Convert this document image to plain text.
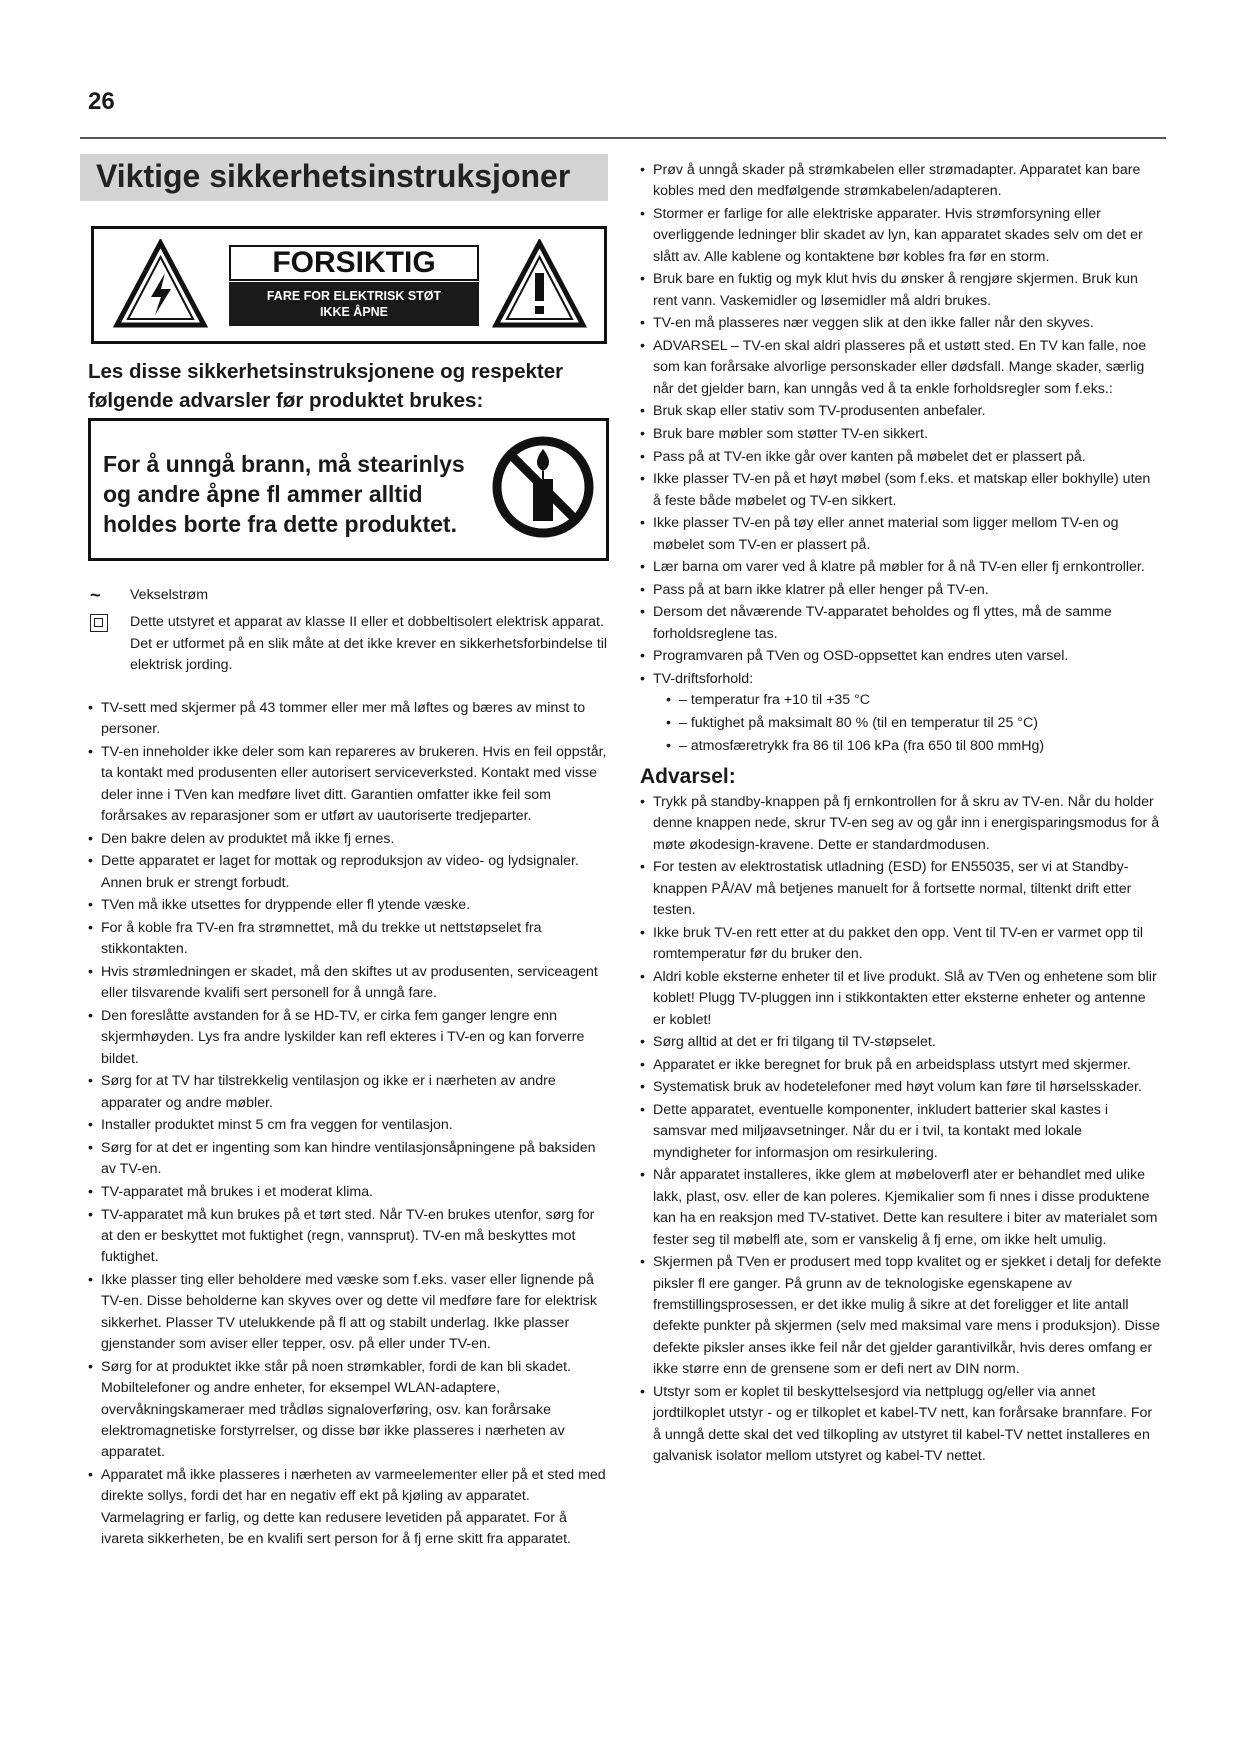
26
Viktige sikkerhetsinstruksjoner
FORSIKTIG
FARE FOR ELEKTRISK STØT
IKKE ÅPNE

Les disse sikkerhetsinstruksjonene og respekter følgende advarsler før produktet brukes:

For å unngå brann, må stearinlys og andre åpne fl ammer alltid holdes borte fra dette produktet.

~	Vekselstrøm
Dette utstyret et apparat av klasse II eller et dobbeltisolert elektrisk apparat. Det er utformet på en slik måte at det ikke krever en sikkerhetsforbindelse til elektrisk jording.
• TV-sett med skjermer på 43 tommer eller mer må løftes og bæres av minst to personer.
• TV-en inneholder ikke deler som kan repareres av brukeren. Hvis en feil oppstår, ta kontakt med produsenten eller autorisert serviceverksted. Kontakt med visse deler inne i TVen kan medføre livet ditt. Garantien omfatter ikke feil som forårsakes av reparasjoner som er utført av uautoriserte tredjeparter.
• Den bakre delen av produktet må ikke fj ernes.
• Dette apparatet er laget for mottak og reproduksjon av video- og lydsignaler. Annen bruk er strengt forbudt.
• TVen må ikke utsettes for dryppende eller fl ytende væske.
• For å koble fra TV-en fra strømnettet, må du trekke ut nettstøpselet fra stikkontakten.
• Hvis strømledningen er skadet, må den skiftes ut av produsenten, serviceagent eller tilsvarende kvalifi sert personell for å unngå fare.
• Den foreslåtte avstanden for å se HD-TV, er cirka fem ganger lengre enn skjermhøyden. Lys fra andre lyskilder kan refl ekteres i TV-en og kan forverre bildet.
• Sørg for at TV har tilstrekkelig ventilasjon og ikke er i nærheten av andre apparater og andre møbler.
• Installer produktet minst 5 cm fra veggen for ventilasjon.
• Sørg for at det er ingenting som kan hindre ventilasjonsåpningene på baksiden av TV-en.
• TV-apparatet må brukes i et moderat klima.
• TV-apparatet må kun brukes på et tørt sted. Når TV-en brukes utenfor, sørg for at den er beskyttet mot fuktighet (regn, vannsprut). TV-en må beskyttes mot fuktighet.
• Ikke plasser ting eller beholdere med væske som f.eks. vaser eller lignende på TV-en. Disse beholderne kan skyves over og dette vil medføre fare for elektrisk sikkerhet. Plasser TV utelukkende på fl att og stabilt underlag. Ikke plasser gjenstander som aviser eller tepper, osv. på eller under TV-en.
• Sørg for at produktet ikke står på noen strømkabler, fordi de kan bli skadet. Mobiltelefoner og andre enheter, for eksempel WLAN-adaptere, overvåkningskameraer med trådløs signaloverføring, osv. kan forårsake elektromagnetiske forstyrrelser, og disse bør ikke plasseres i nærheten av apparatet.
• Apparatet må ikke plasseres i nærheten av varmeelementer eller på et sted med direkte sollys, fordi det har en negativ eff ekt på kjøling av apparatet. Varmelagring er farlig, og dette kan redusere levetiden på apparatet. For å ivareta sikkerheten, be en kvalifi sert person for å fj erne skitt fra apparatet.
• Prøv å unngå skader på strømkabelen eller strømadapter. Apparatet kan bare kobles med den medfølgende strømkabelen/adapteren.
• Stormer er farlige for alle elektriske apparater. Hvis strømforsyning eller overliggende ledninger blir skadet av lyn, kan apparatet skades selv om det er slått av. Alle kablene og kontaktene bør kobles fra før en storm.
• Bruk bare en fuktig og myk klut hvis du ønsker å rengjøre skjermen. Bruk kun rent vann. Vaskemidler og løsemidler må aldri brukes.
• TV-en må plasseres nær veggen slik at den ikke faller når den skyves.
• ADVARSEL – TV-en skal aldri plasseres på et ustøtt sted. En TV kan falle, noe som kan forårsake alvorlige personskader eller dødsfall. Mange skader, særlig når det gjelder barn, kan unngås ved å ta enkle forholdsregler som f.eks.:
• Bruk skap eller stativ som TV-produsenten anbefaler.
• Bruk bare møbler som støtter TV-en sikkert.
• Pass på at TV-en ikke går over kanten på møbelet det er plassert på.
• Ikke plasser TV-en på et høyt møbel (som f.eks. et matskap eller bokhylle) uten å feste både møbelet og TV-en sikkert.
• Ikke plasser TV-en på tøy eller annet material som ligger mellom TV-en og møbelet som TV-en er plassert på.
• Lær barna om varer ved å klatre på møbler for å nå TV-en eller fj ernkontroller.
• Pass på at barn ikke klatrer på eller henger på TV-en.
• Dersom det nåværende TV-apparatet beholdes og fl yttes, må de samme forholdsreglene tas.
• Programvaren på TVen og OSD-oppsettet kan endres uten varsel.
• TV-driftsforhold:
• – temperatur fra +10 til +35 °C
• – fuktighet på maksimalt 80 % (til en temperatur til 25 °C)
• – atmosfæretrykk fra 86 til 106 kPa (fra 650 til 800 mmHg)
Advarsel:
• Trykk på standby-knappen på fj ernkontrollen for å skru av TV-en. Når du holder denne knappen nede, skrur TV-en seg av og går inn i energisparingsmodus for å møte økodesign-kravene. Dette er standardmodusen.
• For testen av elektrostatisk utladning (ESD) for EN55035, ser vi at Standby-knappen PÅ/AV må betjenes manuelt for å fortsette normal, tiltenkt drift etter testen.
• Ikke bruk TV-en rett etter at du pakket den opp. Vent til TV-en er varmet opp til romtemperatur før du bruker den.
• Aldri koble eksterne enheter til et live produkt. Slå av TVen og enhetene som blir koblet! Plugg TV-pluggen inn i stikkontakten etter eksterne enheter og antenne er koblet!
• Sørg alltid at det er fri tilgang til TV-støpselet.
• Apparatet er ikke beregnet for bruk på en arbeidsplass utstyrt med skjermer.
• Systematisk bruk av hodetelefoner med høyt volum kan føre til hørselsskader.
• Dette apparatet, eventuelle komponenter, inkludert batterier skal kastes i samsvar med miljøavsetninger. Når du er i tvil, ta kontakt med lokale myndigheter for informasjon om resirkulering.
• Når apparatet installeres, ikke glem at møbeloverfl ater er behandlet med ulike lakk, plast, osv. eller de kan poleres. Kjemikalier som fi nnes i disse produktene kan ha en reaksjon med TV-stativet. Dette kan resultere i biter av materialet som fester seg til møbelfl ate, som er vanskelig å fj erne, om ikke helt umulig.
• Skjermen på TVen er produsert med topp kvalitet og er sjekket i detalj for defekte piksler fl ere ganger. På grunn av de teknologiske egenskapene av fremstillingsprosessen, er det ikke mulig å sikre at det foreligger et lite antall defekte punkter på skjermen (selv med maksimal vare mens i produksjon). Disse defekte piksler anses ikke feil når det gjelder garantivilkår, hvis deres omfang er ikke større enn de grensene som er defi nert av DIN norm.
• Utstyr som er koplet til beskyttelsesjord via nettplugg og/eller via annet jordtilkoplet utstyr - og er tilkoplet et kabel-TV nett, kan forårsake brannfare. For å unngå dette skal det ved tilkopling av utstyret til kabel-TV nettet installeres en galvanisk isolator mellom utstyret og kabel-TV nettet.
